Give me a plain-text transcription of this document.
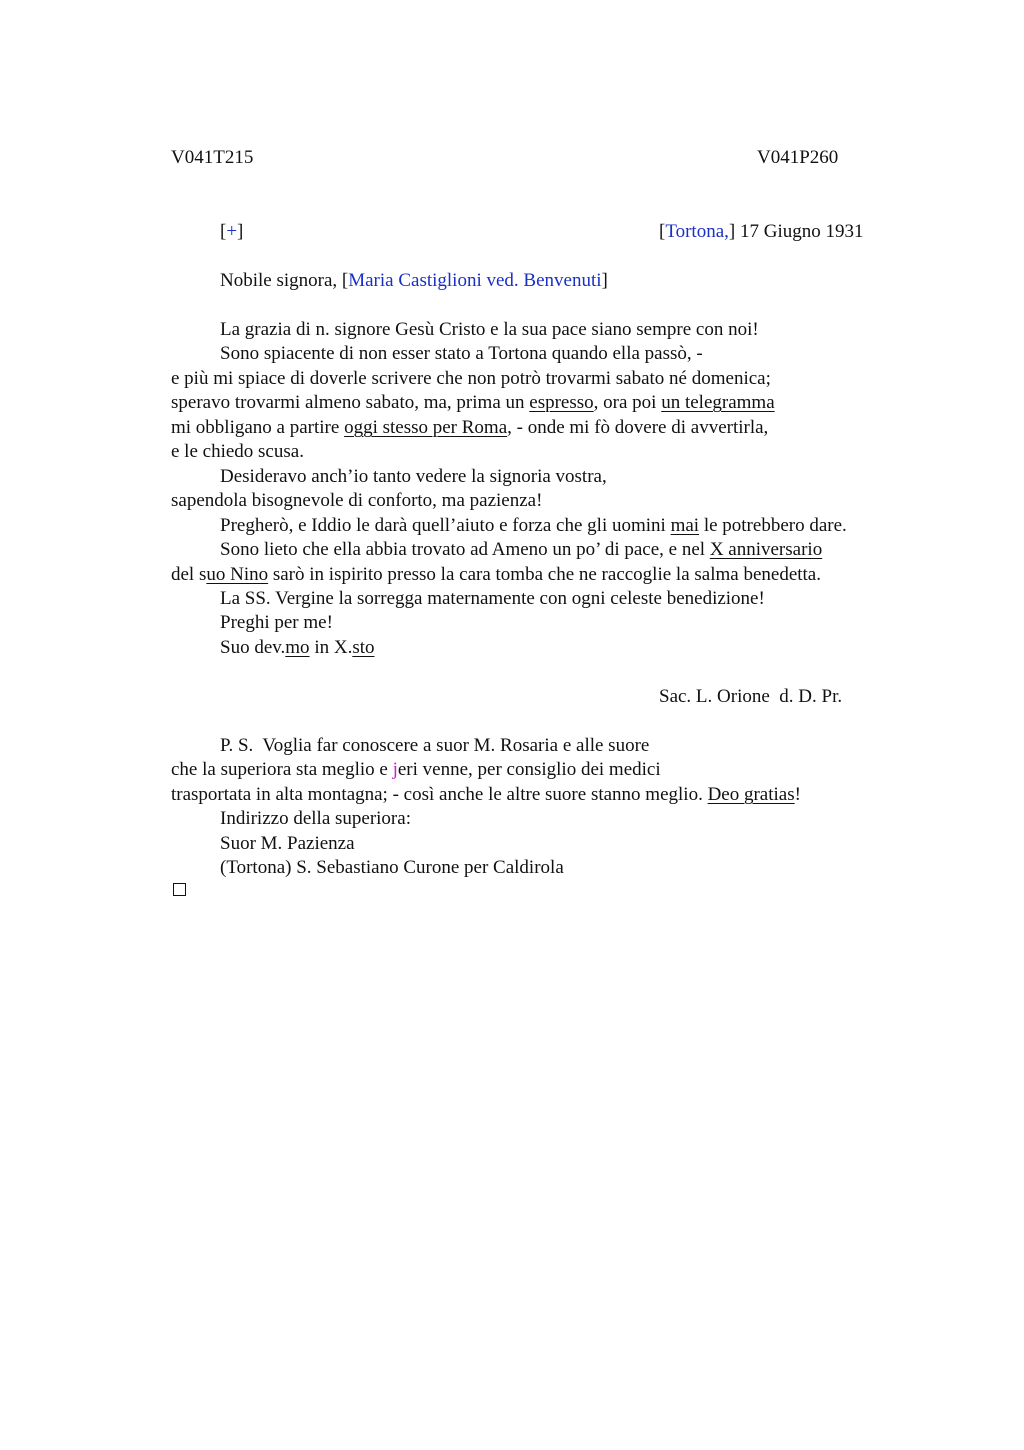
V041T215	V041P260
[+]	[Tortona,] 17 Giugno 1931
Nobile signora, [Maria Castiglioni ved. Benvenuti]
La grazia di n. signore Gesù Cristo e la sua pace siano sempre con noi!
Sono spiacente di non esser stato a Tortona quando ella passò, -
e più mi spiace di doverle scrivere che non potrò trovarmi sabato né domenica;
speravo trovarmi almeno sabato, ma, prima un espresso, ora poi un telegramma
mi obbligano a partire oggi stesso per Roma, - onde mi fò dovere di avvertirla,
e le chiedo scusa.
Desideravo anch’io tanto vedere la signoria vostra,
sapendola bisognevole di conforto, ma pazienza!
Pregherò, e Iddio le darà quell’aiuto e forza che gli uomini mai le potrebbero dare.
Sono lieto che ella abbia trovato ad Ameno un po’ di pace, e nel X anniversario
del suo Nino sarò in ispirito presso la cara tomba che ne raccoglie la salma benedetta.
La SS. Vergine la sorregga maternamente con ogni celeste benedizione!
Preghi per me!
Suo dev.mo in X.sto
Sac. L. Orione  d. D. Pr.
P. S.  Voglia far conoscere a suor M. Rosaria e alle suore
che la superiora sta meglio e jeri venne, per consiglio dei medici
trasportata in alta montagna; - così anche le altre suore stanno meglio. Deo gratias!
Indirizzo della superiora:
Suor M. Pazienza
(Tortona) S. Sebastiano Curone per Caldirola
